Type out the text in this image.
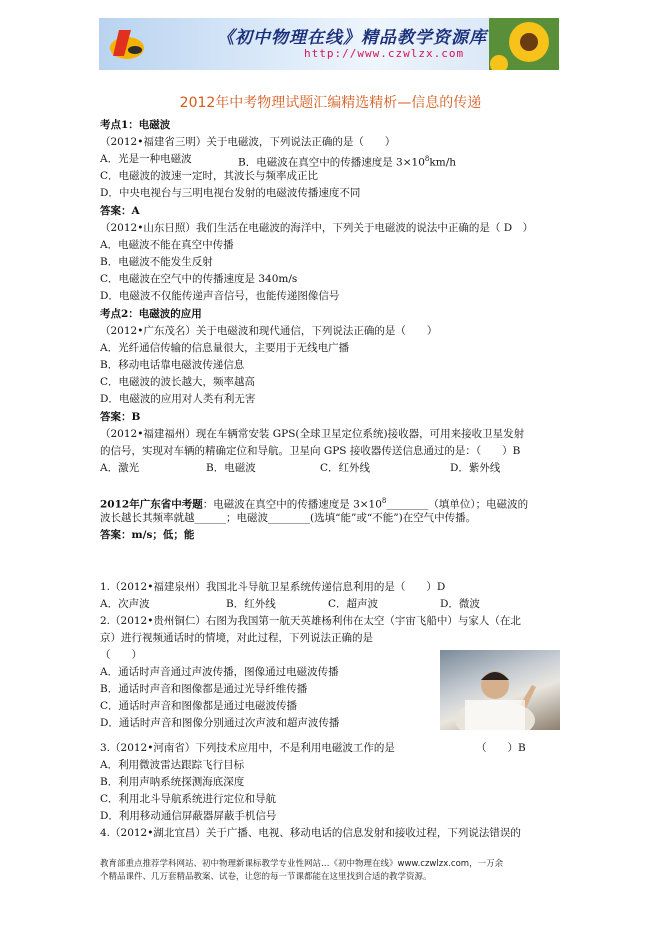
《初中物理在线》精品教学资源库
http://www.czwlzx.com
2012年中考物理试题汇编精选精析—信息的传递
考点1：电磁波
（2012•福建省三明）关于电磁波，下列说法正确的是（　　）
A．光是一种电磁波	B．电磁波在真空中的传播速度是 $3\times 10^8km/h$
C．电磁波的波速一定时，其波长与频率成正比
D．中央电视台与三明电视台发射的电磁波传播速度不同
答案：A
（2012•山东日照）我们生活在电磁波的海洋中，下列关于电磁波的说法中正确的是（ D　）
A．电磁波不能在真空中传播
B．电磁波不能发生反射
C．电磁波在空气中的传播速度是 340m/s
D．电磁波不仅能传递声音信号，也能传递图像信号
考点2：电磁波的应用
（2012•广东茂名）关于电磁波和现代通信，下列说法正确的是（　　）
A．光纤通信传输的信息量很大，主要用于无线电广播
B．移动电话靠电磁波传递信息
C．电磁波的波长越大，频率越高
D．电磁波的应用对人类有利无害
答案：B
（2012•福建福州）现在车辆常安装 GPS(全球卫星定位系统)接收器，可用来接收卫星发射
的信号，实现对车辆的精确定位和导航。卫星向 GPS 接收器传送信息通过的是：（　　）B
A．激光	B．电磁波	C．红外线	D．紫外线
2012年广东省中考题：电磁波在真空中的传播速度是 $3\times 10^8\_\_\_\_\_\_\_\_$（填单位）；电磁波的
波长越长其频率就越______；电磁波________(选填“能”或“不能”)在空气中传播。
答案：m/s；低；能
1.（2012•福建泉州）我国北斗导航卫星系统传递信息利用的是（　　）D
A．次声波	B．红外线	C．超声波	D．微波
2.（2012•贵州铜仁）右图为我国第一航天英雄杨利伟在太空（宇宙飞船中）与家人（在北
京）进行视频通话时的情境，对此过程，下列说法正确的是
（　　）
A．通话时声音通过声波传播，图像通过电磁波传播
B．通话时声音和图像都是通过光导纤维传播
C．通话时声音和图像都是通过电磁波传播
D．通话时声音和图像分别通过次声波和超声波传播
3.（2012•河南省）下列技术应用中，不是利用电磁波工作的是	（　　）B
A．利用微波雷达跟踪飞行目标
B．利用声呐系统探测海底深度
C．利用北斗导航系统进行定位和导航
D．利用移动通信屏蔽器屏蔽手机信号
4.（2012•湖北宜昌）关于广播、电视、移动电话的信息发射和接收过程，下列说法错误的
教育部重点推荐学科网站、初中物理新课标教学专业性网站…《初中物理在线》www.czwlzx.com，一万余
个精品课件、几万套精品教案、试卷，让您的每一节课都能在这里找到合适的教学资源。
